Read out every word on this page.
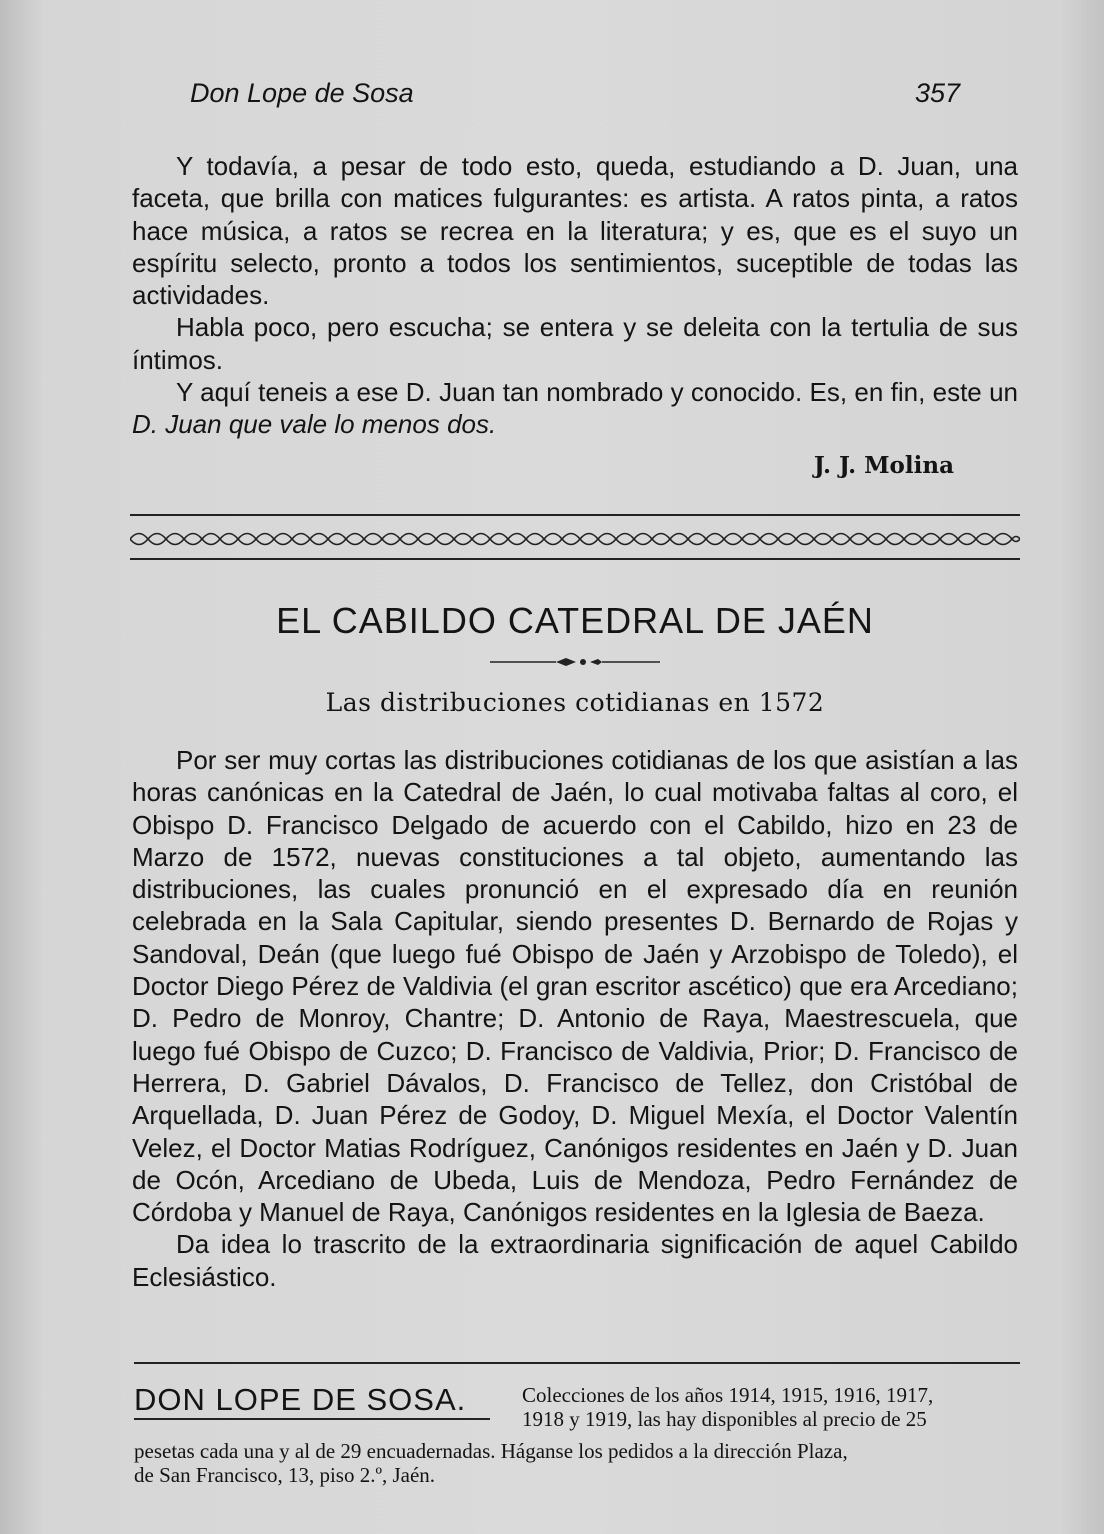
Don Lope de Sosa	357

Y todavía, a pesar de todo esto, queda, estudiando a D. Juan, una faceta, que brilla con matices fulgurantes: es artista. A ratos pinta, a ratos hace música, a ratos se recrea en la literatura; y es, que es el suyo un espíritu selecto, pronto a todos los sentimientos, suceptible de todas las actividades.

Habla poco, pero escucha; se entera y se deleita con la tertulia de sus íntimos.

Y aquí teneis a ese D. Juan tan nombrado y conocido. Es, en fin, este un D. Juan que vale lo menos dos.

J. J. Molina
EL CABILDO CATEDRAL DE JAÉN
Las distribuciones cotidianas en 1572

Por ser muy cortas las distribuciones cotidianas de los que asistían a las horas canónicas en la Catedral de Jaén, lo cual motivaba faltas al coro, el Obispo D. Francisco Delgado de acuerdo con el Cabildo, hizo en 23 de Marzo de 1572, nuevas constituciones a tal objeto, aumentando las distribuciones, las cuales pronunció en el expresado día en reunión celebrada en la Sala Capitular, siendo presentes D. Bernardo de Rojas y Sandoval, Deán (que luego fué Obispo de Jaén y Arzobispo de Toledo), el Doctor Diego Pérez de Valdivia (el gran escritor ascético) que era Arcediano; D. Pedro de Monroy, Chantre; D. Antonio de Raya, Maestrescuela, que luego fué Obispo de Cuzco; D. Francisco de Valdivia, Prior; D. Francisco de Herrera, D. Gabriel Dávalos, D. Francisco de Tellez, don Cristóbal de Arquellada, D. Juan Pérez de Godoy, D. Miguel Mexía, el Doctor Valentín Velez, el Doctor Matias Rodríguez, Canónigos residentes en Jaén y D. Juan de Ocón, Arcediano de Ubeda, Luis de Mendoza, Pedro Fernández de Córdoba y Manuel de Raya, Canónigos residentes en la Iglesia de Baeza.

Da idea lo trascrito de la extraordinaria significación de aquel Cabildo Eclesiástico.

DON LOPE DE SOSA.	Colecciones de los años 1914, 1915, 1916, 1917,

1918 y 1919, las hay disponibles al precio de 25

pesetas cada una y al de 29 encuadernadas. Háganse los pedidos a la dirección Plaza,

de San Francisco, 13, piso 2.º, Jaén.
